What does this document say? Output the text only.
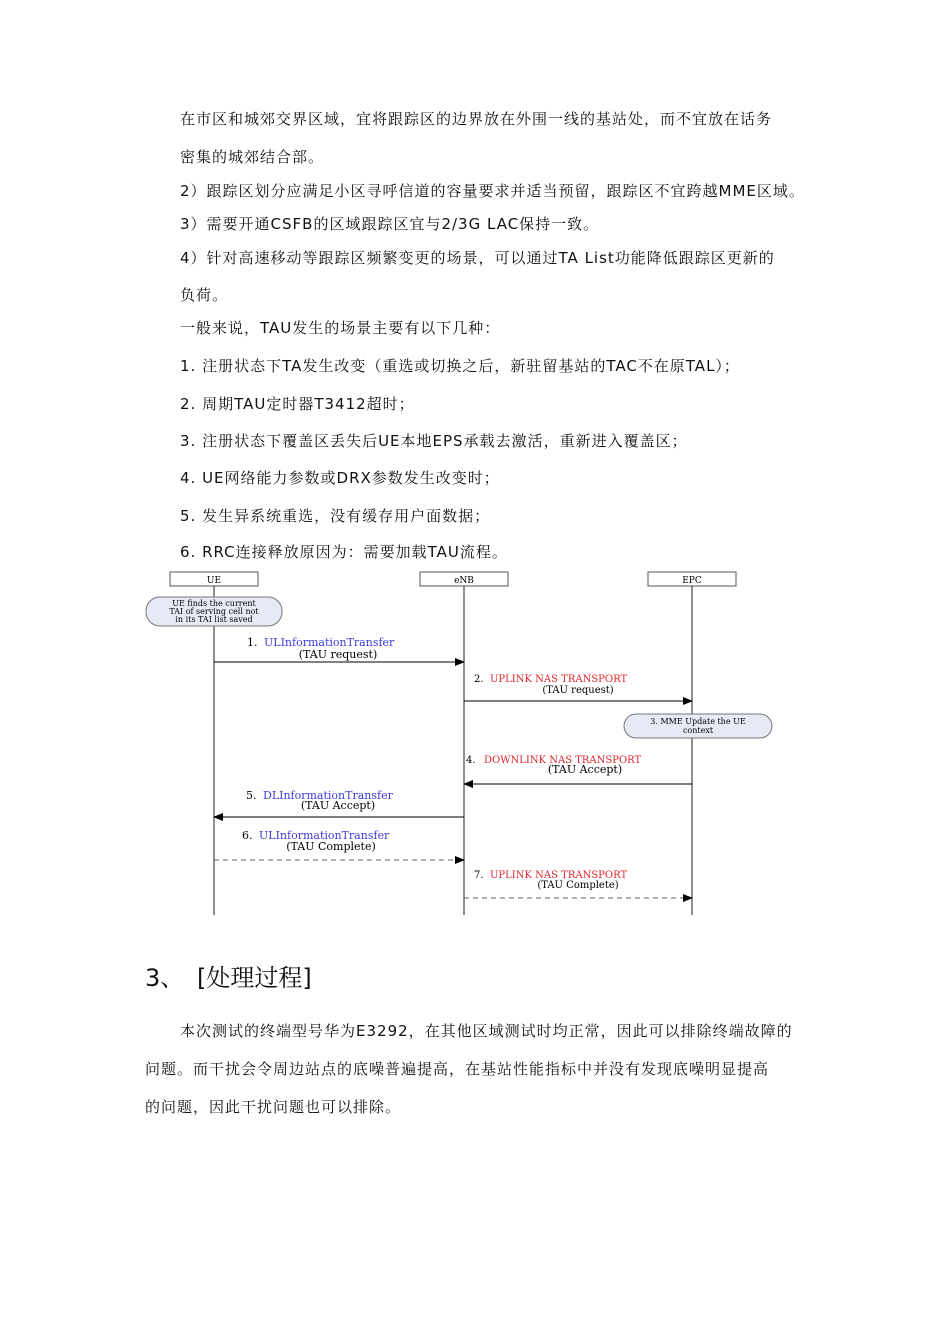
在市区和城郊交界区域，宜将跟踪区的边界放在外围一线的基站处，而不宜放在话务
密集的城郊结合部。
2）跟踪区划分应满足小区寻呼信道的容量要求并适当预留，跟踪区不宜跨越MME区域。
3）需要开通CSFB的区域跟踪区宜与2/3G LAC保持一致。
4）针对高速移动等跟踪区频繁变更的场景，可以通过TA List功能降低跟踪区更新的
负荷。
一般来说，TAU发生的场景主要有以下几种：
1. 注册状态下TA发生改变（重选或切换之后，新驻留基站的TAC不在原TAL）；
2. 周期TAU定时器T3412超时；
3. 注册状态下覆盖区丢失后UE本地EPS承载去激活，重新进入覆盖区；
4. UE网络能力参数或DRX参数发生改变时；
5. 发生异系统重选，没有缓存用户面数据；
6. RRC连接释放原因为：需要加载TAU流程。
UE	eNB	EPC
UE finds the current
TAI of serving cell not
in its TAI list saved
1. ULInformationTransfer
(TAU request)
2. UPLINK NAS TRANSPORT
(TAU request)
3. MME Update the UE
context
4. DOWNLINK NAS TRANSPORT
(TAU Accept)
5. DLInformationTransfer
(TAU Accept)
6. ULInformationTransfer
(TAU Complete)
7. UPLINK NAS TRANSPORT
(TAU Complete)
3、 [处理过程]
本次测试的终端型号华为E3292，在其他区域测试时均正常，因此可以排除终端故障的
问题。而干扰会令周边站点的底噪普遍提高，在基站性能指标中并没有发现底噪明显提高
的问题，因此干扰问题也可以排除。
